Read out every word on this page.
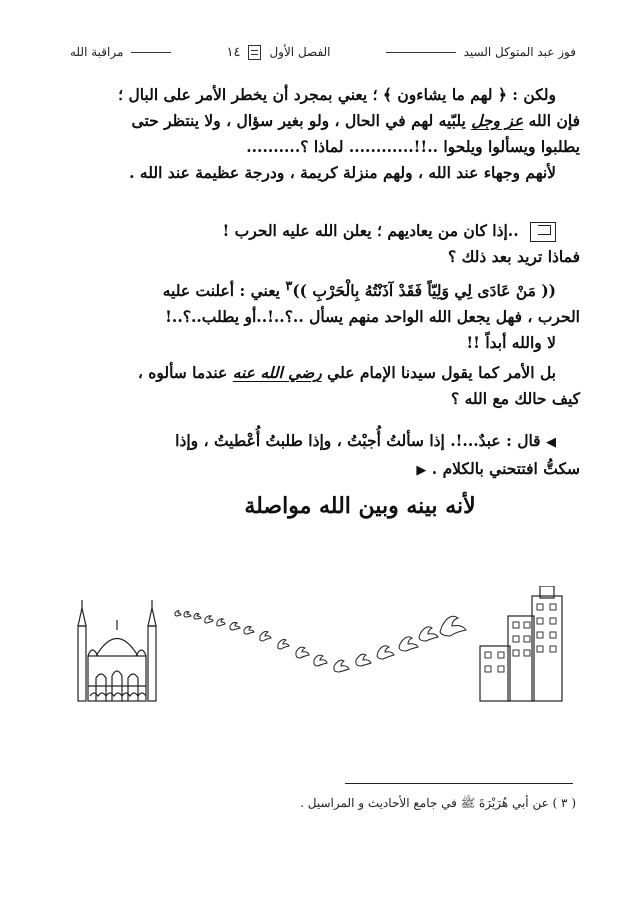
فوز عبد المتوكل السيد
الفصل الأول
١٤
مراقبة الله

ولكن : ﴿ لهم ما يشاءون ﴾ ؛ يعني بمجرد أن يخطر الأمر على البال ؛

فإن الله عز وجل يلبّيه لهم في الحال ، ولو بغير سؤال ، ولا ينتظر حتى

يطلبوا ويسألوا ويلحوا ..!!............ لماذا ؟..........

لأنهم وجهاء عند الله ، ولهم منزلة كريمة ، ودرجة عظيمة عند الله .

..إذا كان من يعاديهم ؛ يعلن الله عليه الحرب !

فماذا تريد بعد ذلك ؟

(( مَنْ عَادَى لِي وَلِيّاً فَقَدْ آذَنْتُهُ بِالْحَرْبِ ))$^٣$ يعني : أعلنت عليه

الحرب ، فهل يجعل الله الواحد منهم يسأل ..؟..!..أو يطلب..؟..!

لا والله أبداً !!

بل الأمر كما يقول سيدنا الإمام علي رضي الله عنه عندما سألوه ،

كيف حالك مع الله ؟

◀ قال : عبدٌ...!. إذا سألتُ أُجبْتُ ، وإذا طلبتُ أُعْطيتُ ، وإذا

سكتُّ افتتحني بالكلام . ▶

لأنه بينه وبين الله مواصلة

( ٣ ) عن أبي هُرَيْرَةَ ﷺ في جامع الأحاديث و المراسيل .
